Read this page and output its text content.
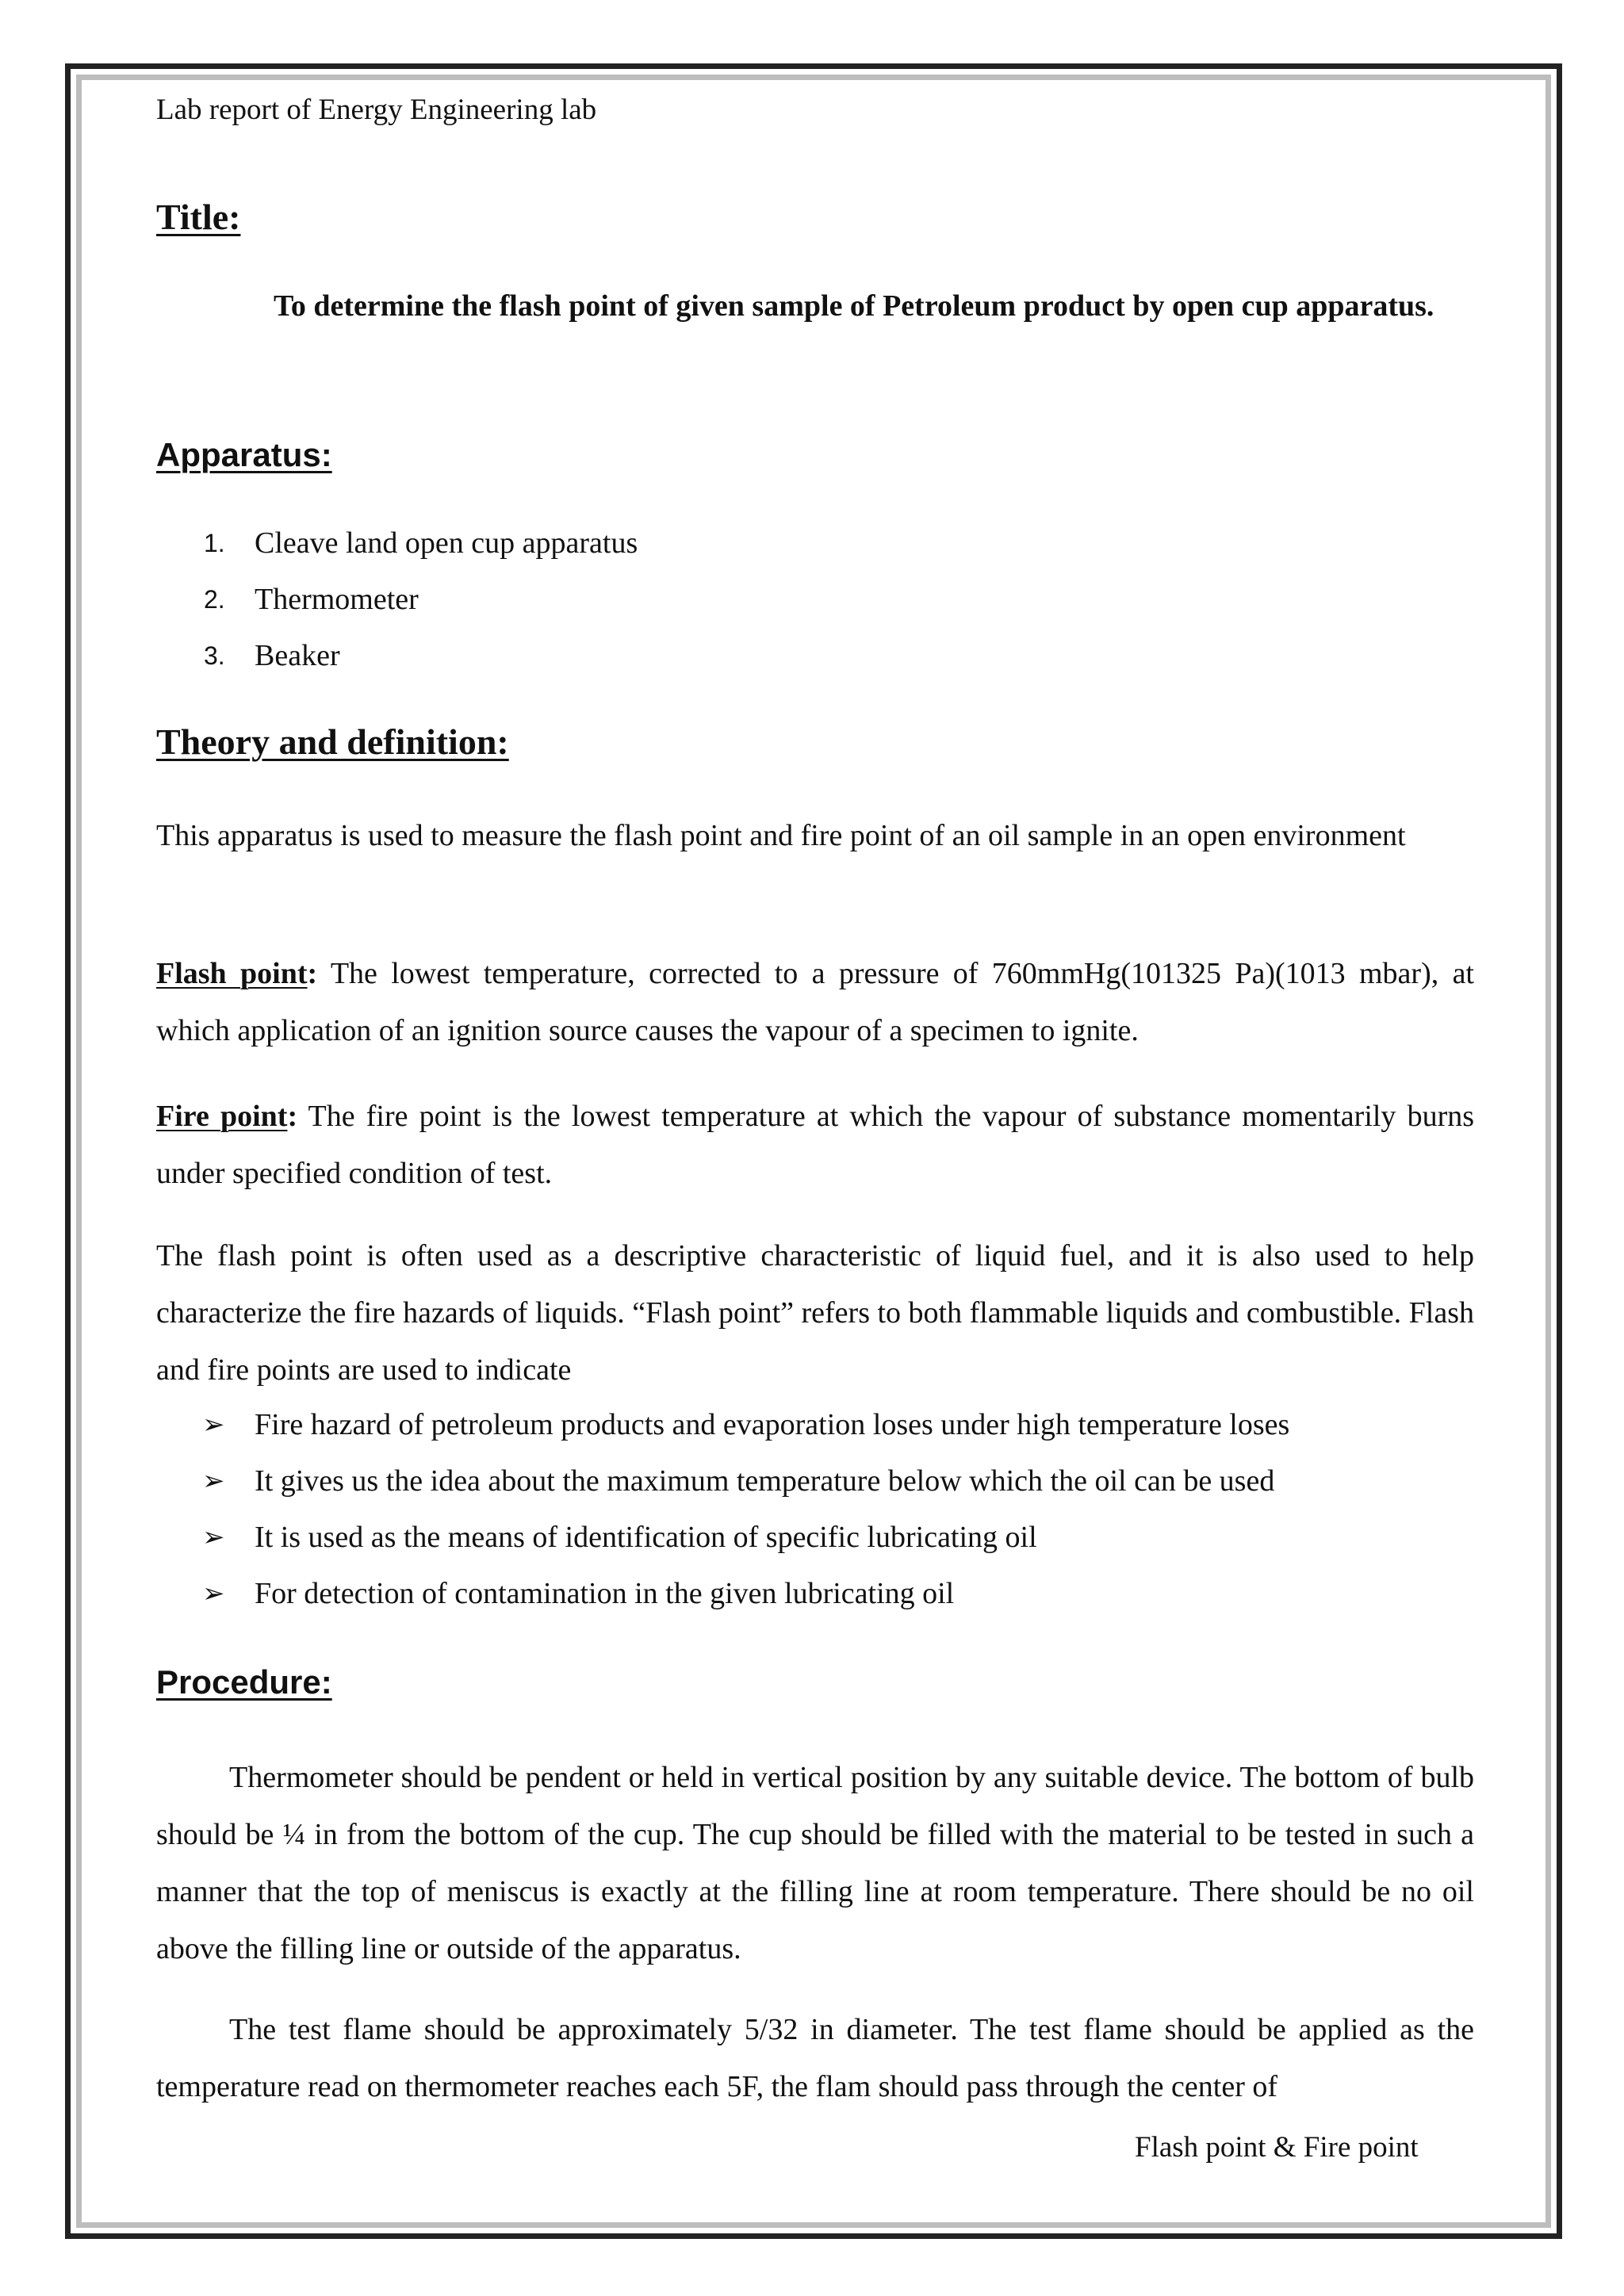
Lab report of Energy Engineering lab
Title:

To determine the flash point of given sample of Petroleum product by open cup apparatus.

Apparatus:
1. Cleave land open cup apparatus
2. Thermometer
3. Beaker
Theory and definition:

This apparatus is used to measure the flash point and fire point of an oil sample in an open environment

Flash point: The lowest temperature, corrected to a pressure of 760mmHg(101325 Pa)(1013 mbar), at which application of an ignition source causes the vapour of a specimen to ignite.

Fire point: The fire point is the lowest temperature at which the vapour of substance momentarily burns under specified condition of test.

The flash point is often used as a descriptive characteristic of liquid fuel, and it is also used to help characterize the fire hazards of liquids. “Flash point” refers to both flammable liquids and combustible. Flash and fire points are used to indicate

➢ Fire hazard of petroleum products and evaporation loses under high temperature loses
➢ It gives us the idea about the maximum temperature below which the oil can be used
➢ It is used as the means of identification of specific lubricating oil
➢ For detection of contamination in the given lubricating oil
Procedure:

Thermometer should be pendent or held in vertical position by any suitable device. The bottom of bulb should be ¼ in from the bottom of the cup. The cup should be filled with the material to be tested in such a manner that the top of meniscus is exactly at the filling line at room temperature. There should be no oil above the filling line or outside of the apparatus.

The test flame should be approximately 5/32 in diameter. The test flame should be applied as the temperature read on thermometer reaches each 5F, the flam should pass through the center of

Flash point & Fire point
